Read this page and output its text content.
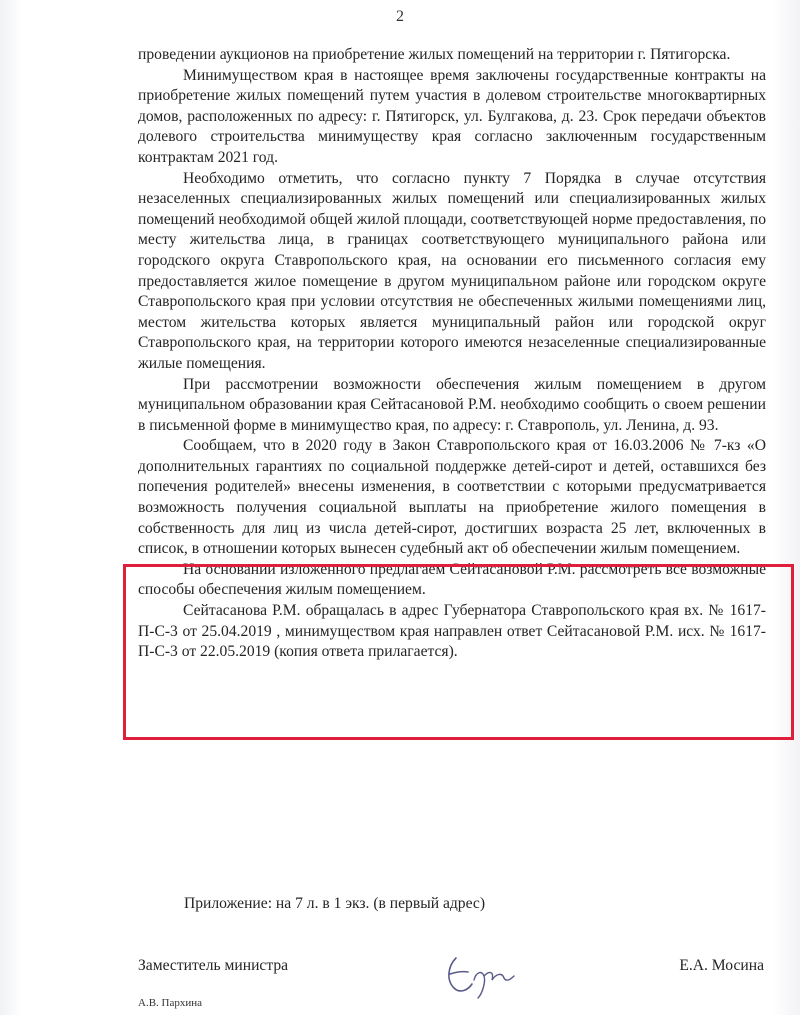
2

проведении аукционов на приобретение жилых помещений на территории г. Пятигорска.

Минимуществом края в настоящее время заключены государственные контракты на приобретение жилых помещений путем участия в долевом строительстве многоквартирных домов, расположенных по адресу: г. Пятигорск, ул. Булгакова, д. 23. Срок передачи объектов долевого строительства минимуществу края согласно заключенным государственным контрактам 2021 год.

Необходимо отметить, что согласно пункту 7 Порядка в случае отсутствия незаселенных специализированных жилых помещений или специализированных жилых помещений необходимой общей жилой площади, соответствующей норме предоставления, по месту жительства лица, в границах соответствующего муниципального района или городского округа Ставропольского края, на основании его письменного согласия ему предоставляется жилое помещение в другом муниципальном районе или городском округе Ставропольского края при условии отсутствия не обеспеченных жилыми помещениями лиц, местом жительства которых является муниципальный район или городской округ Ставропольского края, на территории которого имеются незаселенные специализированные жилые помещения.

При рассмотрении возможности обеспечения жилым помещением в другом муниципальном образовании края Сейтасановой Р.М. необходимо сообщить о своем решении в письменной форме в минимущество края, по адресу: г. Ставрополь, ул. Ленина, д. 93.

Сообщаем, что в 2020 году в Закон Ставропольского края от 16.03.2006 № 7-кз «О дополнительных гарантиях по социальной поддержке детей-сирот и детей, оставшихся без попечения родителей» внесены изменения, в соответствии с которыми предусматривается возможность получения социальной выплаты на приобретение жилого помещения в собственность для лиц из числа детей-сирот, достигших возраста 25 лет, включенных в список, в отношении которых вынесен судебный акт об обеспечении жилым помещением.

На основании изложенного предлагаем Сейтасановой Р.М. рассмотреть все возможные способы обеспечения жилым помещением.

Сейтасанова Р.М. обращалась в адрес Губернатора Ставропольского края вх. № 1617-П-С-3 от 25.04.2019 , минимуществом края направлен ответ Сейтасановой Р.М. исх. № 1617-П-С-3 от 22.05.2019 (копия ответа прилагается).

Приложение: на 7 л. в 1 экз. (в первый адрес)
Заместитель министра	Е.А. Мосина
А.В. Пархина
